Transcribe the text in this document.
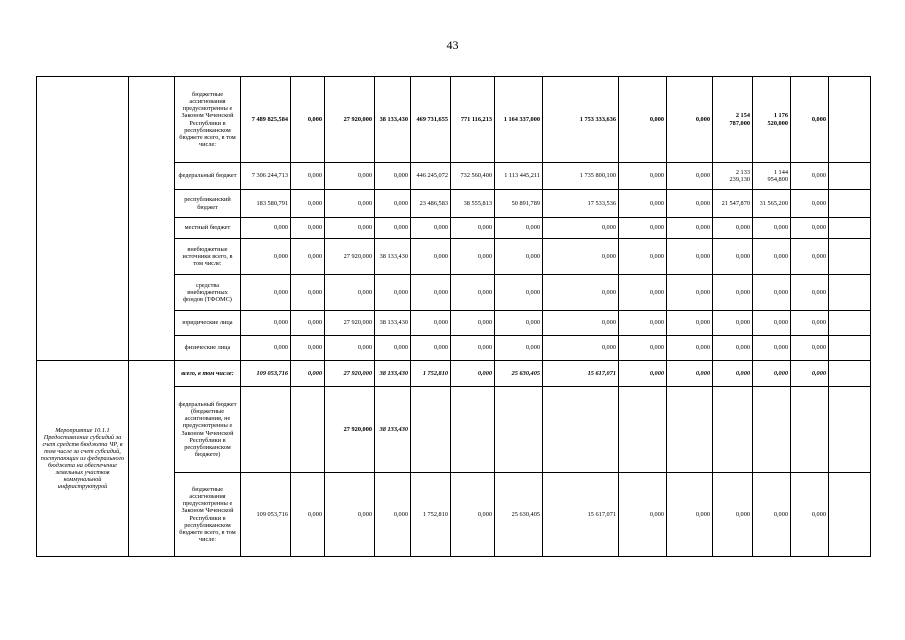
43
		бюджетные ассигнования предусмотренны е Законом Чеченской Республики в республиканском бюджете всего, в том числе:	7 489 825,584	0,000	27 920,000	38 133,430	469 731,655	771 116,213	1 164 337,000	1 753 333,636	0,000	0,000	2 154 787,000	1 176 520,000	0,000	
		федеральный бюджет	7 306 244,713	0,000	0,000	0,000	446 245,072	732 560,400	1 113 445,211	1 735 800,100	0,000	0,000	2 133 239,130	1 144 954,800	0,000	
		республиканский бюджет	183 580,791	0,000	0,000	0,000	23 486,583	38 555,813	50 891,789	17 533,536	0,000	0,000	21 547,870	31 565,200	0,000	
		местный бюджет	0,000	0,000	0,000	0,000	0,000	0,000	0,000	0,000	0,000	0,000	0,000	0,000	0,000	
		внебюджетные источники всего, в том числе:	0,000	0,000	27 920,000	38 133,430	0,000	0,000	0,000	0,000	0,000	0,000	0,000	0,000	0,000	
		средства внебюджетных фондов (ТФОМС)	0,000	0,000	0,000	0,000	0,000	0,000	0,000	0,000	0,000	0,000	0,000	0,000	0,000	
		юридические лица	0,000	0,000	27 920,000	38 133,430	0,000	0,000	0,000	0,000	0,000	0,000	0,000	0,000	0,000	
		физические лица	0,000	0,000	0,000	0,000	0,000	0,000	0,000	0,000	0,000	0,000	0,000	0,000	0,000	
Мероприятие 10.1.1 Предоставление субсидий за счет средств бюджета ЧР, в том числе за счет субсидий, поступающих из федерального бюджета на обеспечение земельных участков коммунальной инфраструктурой		всего, в том числе:	109 053,716	0,000	27 920,000	38 133,430	1 752,810	0,000	25 630,405	15 617,071	0,000	0,000	0,000	0,000	0,000	
		федеральный бюджет (бюджетные ассигнования, не предусмотренны е Законом Чеченской Республики в республиканском бюджете)			27 920,000	38 133,430										
		бюджетные ассигнования предусмотренны е Законом Чеченской Республики в республиканском бюджете всего, в том числе:	109 053,716	0,000	0,000	0,000	1 752,810	0,000	25 630,405	15 617,071	0,000	0,000	0,000	0,000	0,000	
